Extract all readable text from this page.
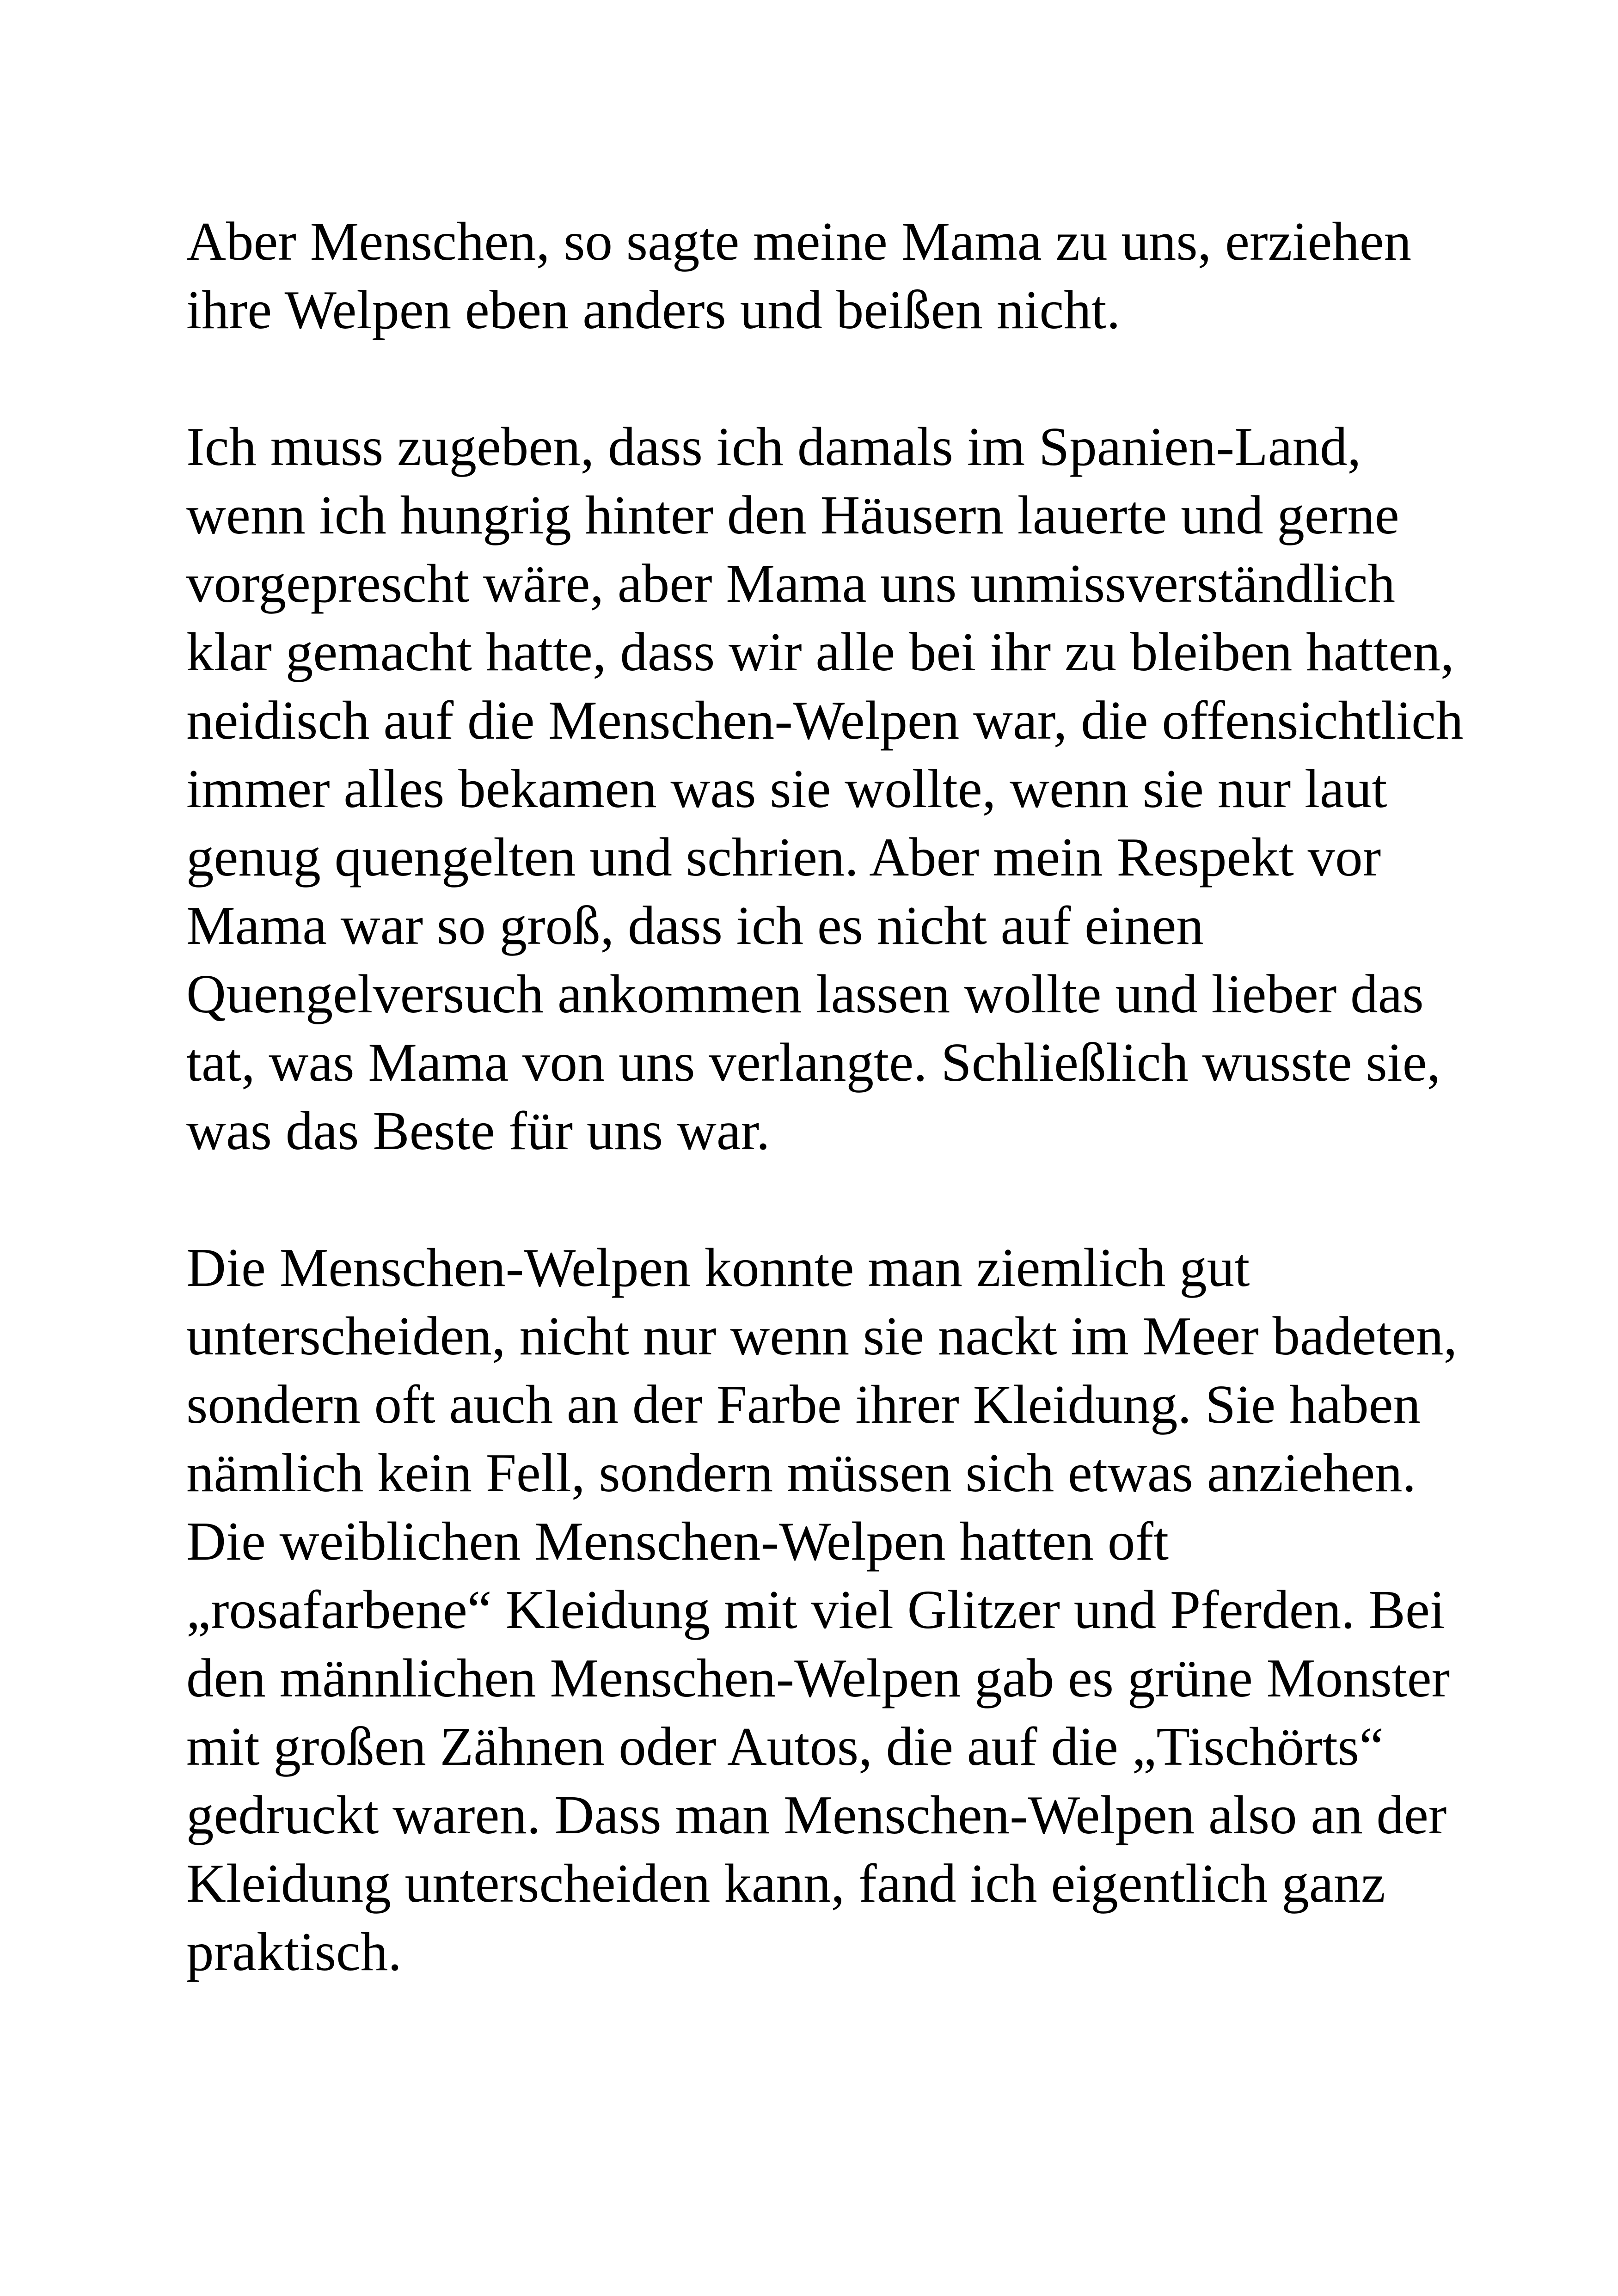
Aber Menschen, so sagte meine Mama zu uns, erziehen
ihre Welpen eben anders und beißen nicht.

Ich muss zugeben, dass ich damals im Spanien-Land,
wenn ich hungrig hinter den Häusern lauerte und gerne
vorgeprescht wäre, aber Mama uns unmissverständlich
klar gemacht hatte, dass wir alle bei ihr zu bleiben hatten,
neidisch auf die Menschen-Welpen war, die offensichtlich
immer alles bekamen was sie wollte, wenn sie nur laut
genug quengelten und schrien. Aber mein Respekt vor
Mama war so groß, dass ich es nicht auf einen
Quengelversuch ankommen lassen wollte und lieber das
tat, was Mama von uns verlangte. Schließlich wusste sie,
was das Beste für uns war.

Die Menschen-Welpen konnte man ziemlich gut
unterscheiden, nicht nur wenn sie nackt im Meer badeten,
sondern oft auch an der Farbe ihrer Kleidung. Sie haben
nämlich kein Fell, sondern müssen sich etwas anziehen.
Die weiblichen Menschen-Welpen hatten oft
„rosafarbene“ Kleidung mit viel Glitzer und Pferden. Bei
den männlichen Menschen-Welpen gab es grüne Monster
mit großen Zähnen oder Autos, die auf die „Tischörts“
gedruckt waren. Dass man Menschen-Welpen also an der
Kleidung unterscheiden kann, fand ich eigentlich ganz
praktisch.
